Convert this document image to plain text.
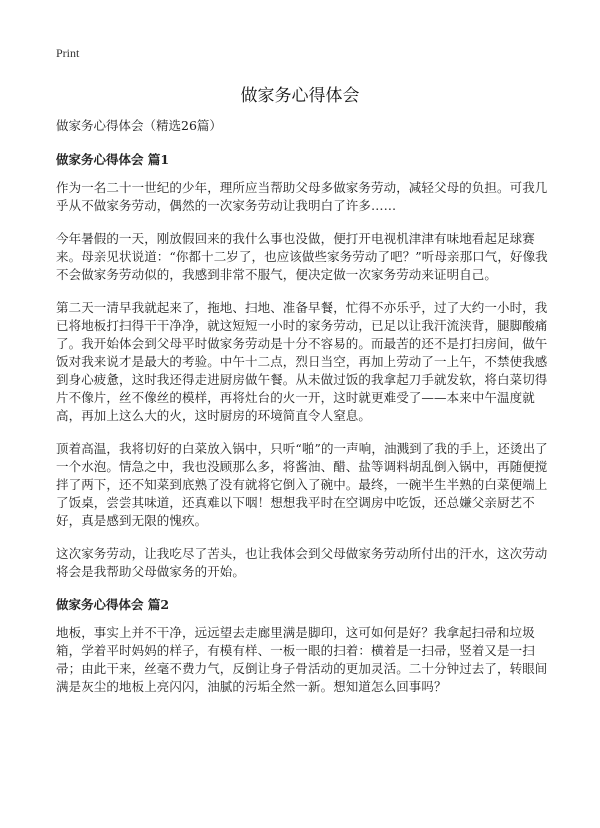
Print
做家务心得体会
做家务心得体会（精选26篇）
做家务心得体会 篇1

作为一名二十一世纪的少年，理所应当帮助父母多做家务劳动，减轻父母的负担。可我几乎从不做家务劳动，偶然的一次家务劳动让我明白了许多……

今年暑假的一天，刚放假回来的我什么事也没做，便打开电视机津津有味地看起足球赛来。母亲见状说道：“你都十二岁了，也应该做些家务劳动了吧？”听母亲那口气，好像我不会做家务劳动似的，我感到非常不服气，便决定做一次家务劳动来证明自己。

第二天一清早我就起来了，拖地、扫地、准备早餐，忙得不亦乐乎，过了大约一小时，我已将地板打扫得干干净净，就这短短一小时的家务劳动，已足以让我汗流浃背，腿脚酸痛了。我开始体会到父母平时做家务劳动是十分不容易的。而最苦的还不是打扫房间，做午饭对我来说才是最大的考验。中午十二点，烈日当空，再加上劳动了一上午，不禁使我感到身心疲惫，这时我还得走进厨房做午餐。从未做过饭的我拿起刀手就发软，将白菜切得片不像片，丝不像丝的模样，再将灶台的火一开，这时就更难受了——本来中午温度就高，再加上这么大的火，这时厨房的环境简直令人窒息。

顶着高温，我将切好的白菜放入锅中，只听“啪”的一声响，油溅到了我的手上，还烫出了一个水泡。情急之中，我也没顾那么多，将酱油、醋、盐等调料胡乱倒入锅中，再随便搅拌了两下，还不知菜到底熟了没有就将它倒入了碗中。最终，一碗半生半熟的白菜便端上了饭桌，尝尝其味道，还真难以下咽！想想我平时在空调房中吃饭，还总嫌父亲厨艺不好，真是感到无限的愧疚。

这次家务劳动，让我吃尽了苦头，也让我体会到父母做家务劳动所付出的汗水，这次劳动将会是我帮助父母做家务的开始。

做家务心得体会 篇2

地板，事实上并不干净，远远望去走廊里满是脚印，这可如何是好？我拿起扫帚和垃圾箱，学着平时妈妈的样子，有模有样、一板一眼的扫着：横着是一扫帚，竖着又是一扫帚；由此干来，丝毫不费力气，反倒让身子骨活动的更加灵活。二十分钟过去了，转眼间满是灰尘的地板上亮闪闪，油腻的污垢全然一新。想知道怎么回事吗？
